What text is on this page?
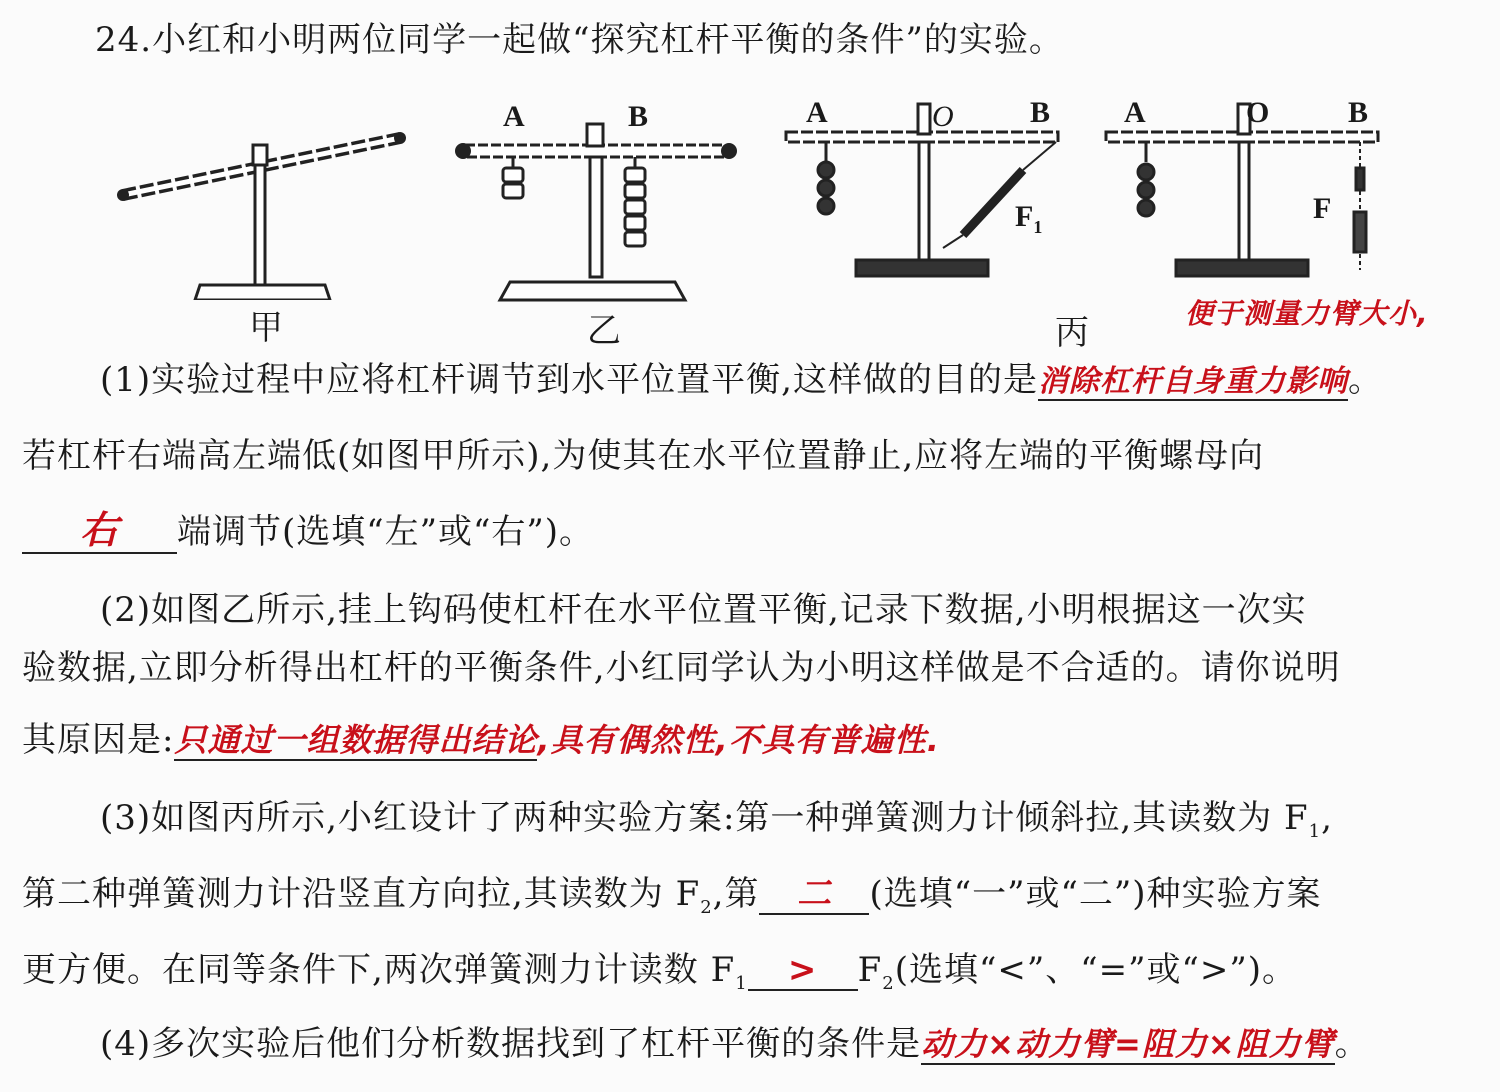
24.小红和小明两位同学一起做“探究杠杆平衡的条件”的实验。
甲
A	B
乙
A	O	B
$F_1$
A	O	B
F
丙	便于测量力臂大小,
(1)实验过程中应将杠杆调节到水平位置平衡,这样做的目的是消除杠杆自身重力影响。
若杠杆右端高左端低(如图甲所示),为使其在水平位置静止,应将左端的平衡螺母向
右 端调节(选填“左”或“右”)。
(2)如图乙所示,挂上钩码使杠杆在水平位置平衡,记录下数据,小明根据这一次实
验数据,立即分析得出杠杆的平衡条件,小红同学认为小明这样做是不合适的。请你说明
其原因是:只通过一组数据得出结论,具有偶然性,不具有普遍性.
(3)如图丙所示,小红设计了两种实验方案:第一种弹簧测力计倾斜拉,其读数为 $F_1$,
第二种弹簧测力计沿竖直方向拉,其读数为 $F_2$,第 二 (选填“一”或“二”)种实验方案
更方便。在同等条件下,两次弹簧测力计读数 $F_1 > F_2$(选填“<”、“=”或“>”)。
(4)多次实验后他们分析数据找到了杠杆平衡的条件是动力×动力臂=阻力×阻力臂。
